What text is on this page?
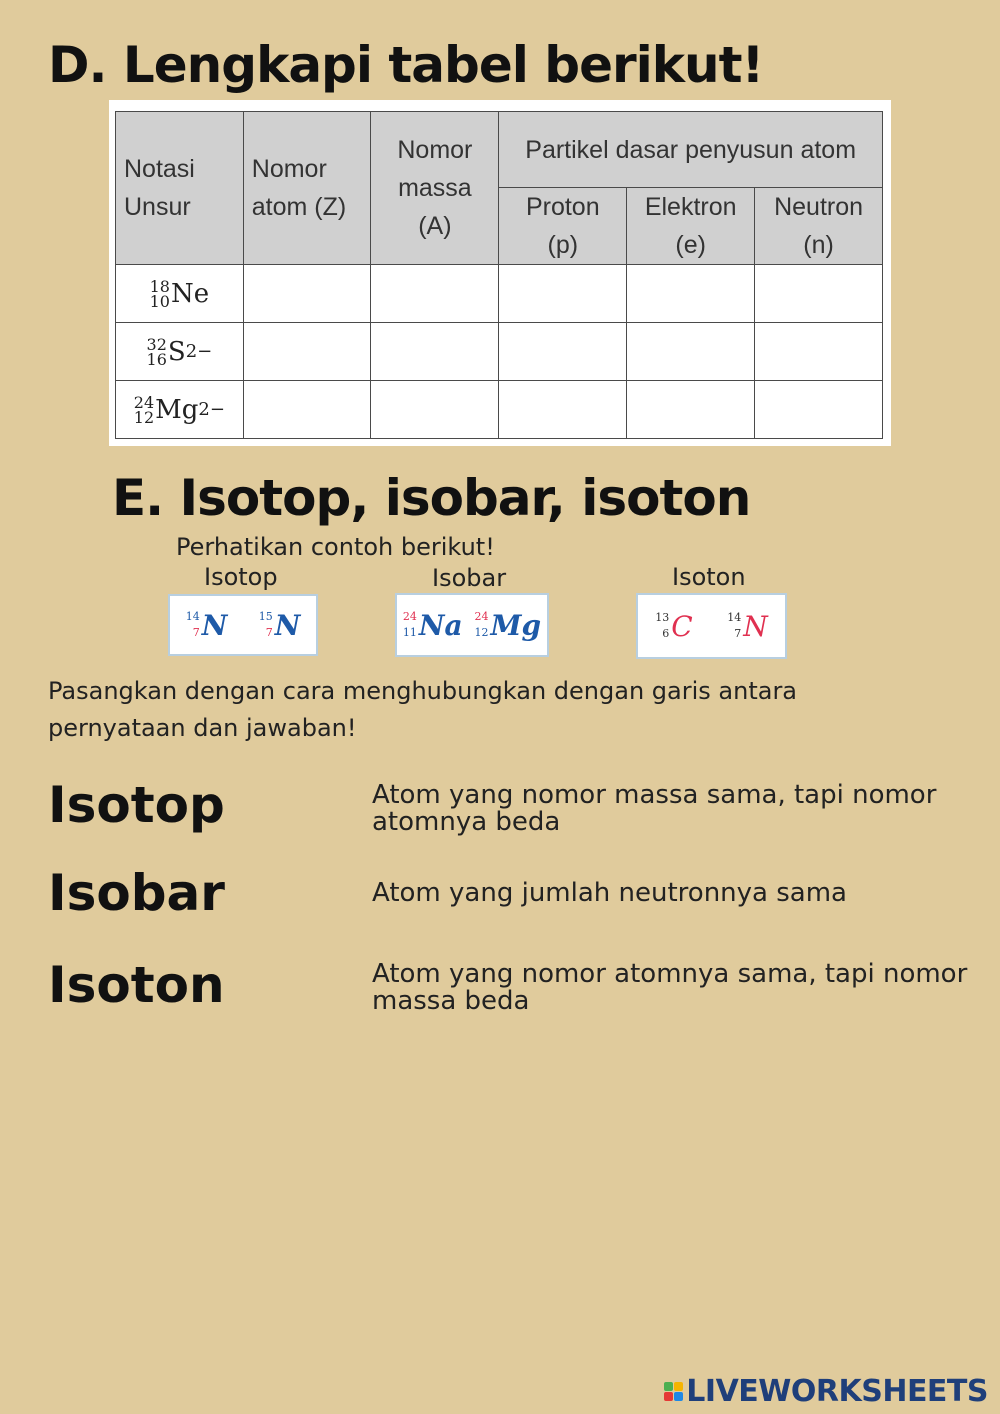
D. Lengkapi tabel berikut!
Notasi Unsur	Nomor atom (Z)	Nomor massa (A)	Partikel dasar penyusun atom		
			Proton (p)	Elektron (e)	Neutron (n)

18
10 Ne					

32
16 S 2−					

24
12 Mg 2−					

E. Isotop, isobar, isoton
Perhatikan contoh berikut!
Isotop
14
7 N	15
7 N
Isobar
24
11 Na 24
12 Mg
Isoton
13
6 C	14
7 N
Pasangkan dengan cara menghubungkan dengan garis antara pernyataan dan jawaban!
Isotop
Isobar
Isoton
Atom yang nomor massa sama, tapi nomor atomnya beda
Atom yang jumlah neutronnya sama
Atom yang nomor atomnya sama, tapi nomor massa beda
LIVEWORKSHEETS
